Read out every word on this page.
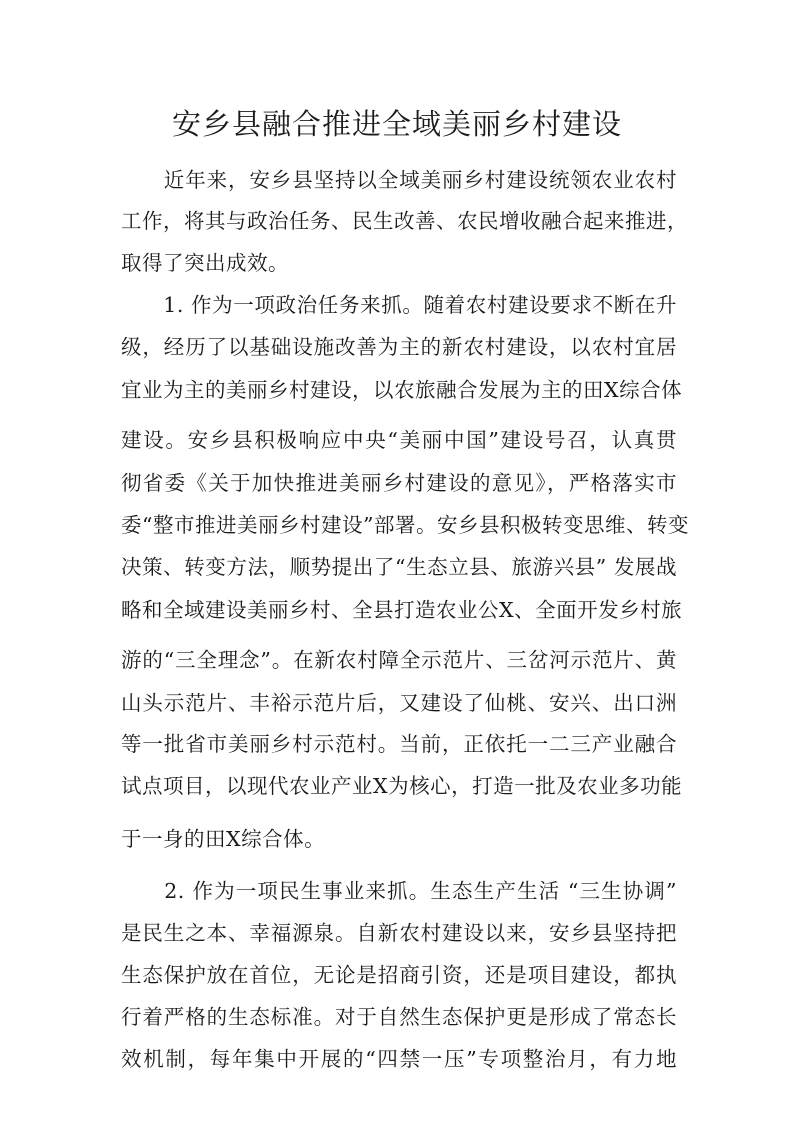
安乡县融合推进全域美丽乡村建设
　　近年来，安乡县坚持以全域美丽乡村建设统领农业农村
工作，将其与政治任务、民生改善、农民增收融合起来推进，
取得了突出成效。
　　1. 作为一项政治任务来抓。随着农村建设要求不断在升
级，经历了以基础设施改善为主的新农村建设，以农村宜居
宜业为主的美丽乡村建设，以农旅融合发展为主的田X综合体
建设。安乡县积极响应中央“美丽中国”建设号召，认真贯
彻省委《关于加快推进美丽乡村建设的意见》，严格落实市
委“整市推进美丽乡村建设”部署。安乡县积极转变思维、转变
决策、转变方法，顺势提出了“生态立县、旅游兴县” 发展战
略和全域建设美丽乡村、全县打造农业公X、全面开发乡村旅
游的“三全理念”。在新农村障全示范片、三岔河示范片、黄
山头示范片、丰裕示范片后，又建设了仙桃、安兴、出口洲
等一批省市美丽乡村示范村。当前，正依托一二三产业融合
试点项目，以现代农业产业X为核心，打造一批及农业多功能
于一身的田X综合体。
　　2. 作为一项民生事业来抓。生态生产生活 “三生协调”
是民生之本、幸福源泉。自新农村建设以来，安乡县坚持把
生态保护放在首位，无论是招商引资，还是项目建设，都执
行着严格的生态标准。对于自然生态保护更是形成了常态长
效机制，每年集中开展的“四禁一压”专项整治月，有力地
